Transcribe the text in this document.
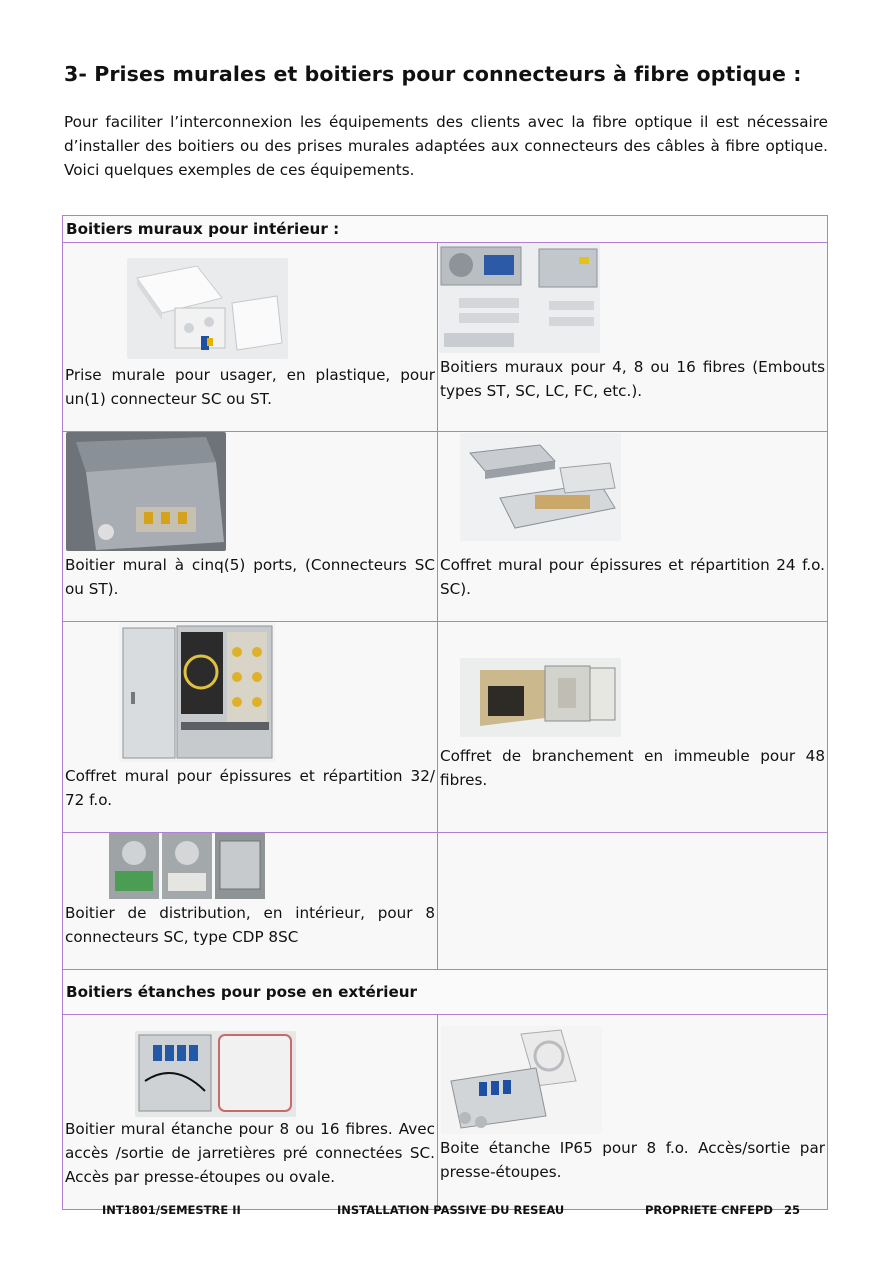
3- Prises murales et boitiers pour connecteurs à fibre optique :
Pour faciliter l’interconnexion les équipements des clients avec la fibre optique il est nécessaire d’installer des boitiers ou des prises murales adaptées aux connecteurs des câbles à fibre optique. Voici quelques exemples de ces équipements.
Boitiers muraux pour intérieur :	

Prise murale pour usager, en plastique, pour un(1) connecteur SC ou ST.	Boitiers muraux pour 4, 8 ou 16 fibres (Embouts types ST, SC, LC, FC, etc.).

Boitier mural à cinq(5) ports, (Connecteurs SC ou ST).	Coffret mural pour épissures et répartition 24 f.o. SC).

Coffret mural pour épissures et répartition 32/ 72 f.o.	Coffret de branchement en immeuble pour 48 fibres.

Boitier de distribution, en intérieur, pour 8 connecteurs SC, type CDP 8SC	

Boitiers étanches pour pose en extérieur	

Boitier mural étanche pour 8 ou 16 fibres. Avec accès /sortie de jarretières pré connectées SC. Accès par presse-étoupes ou ovale.	Boite étanche IP65 pour 8 f.o. Accès/sortie par presse-étoupes.
INT1801/SEMESTRE II	INSTALLATION PASSIVE DU RESEAU	PROPRIETE CNFEPD 25
